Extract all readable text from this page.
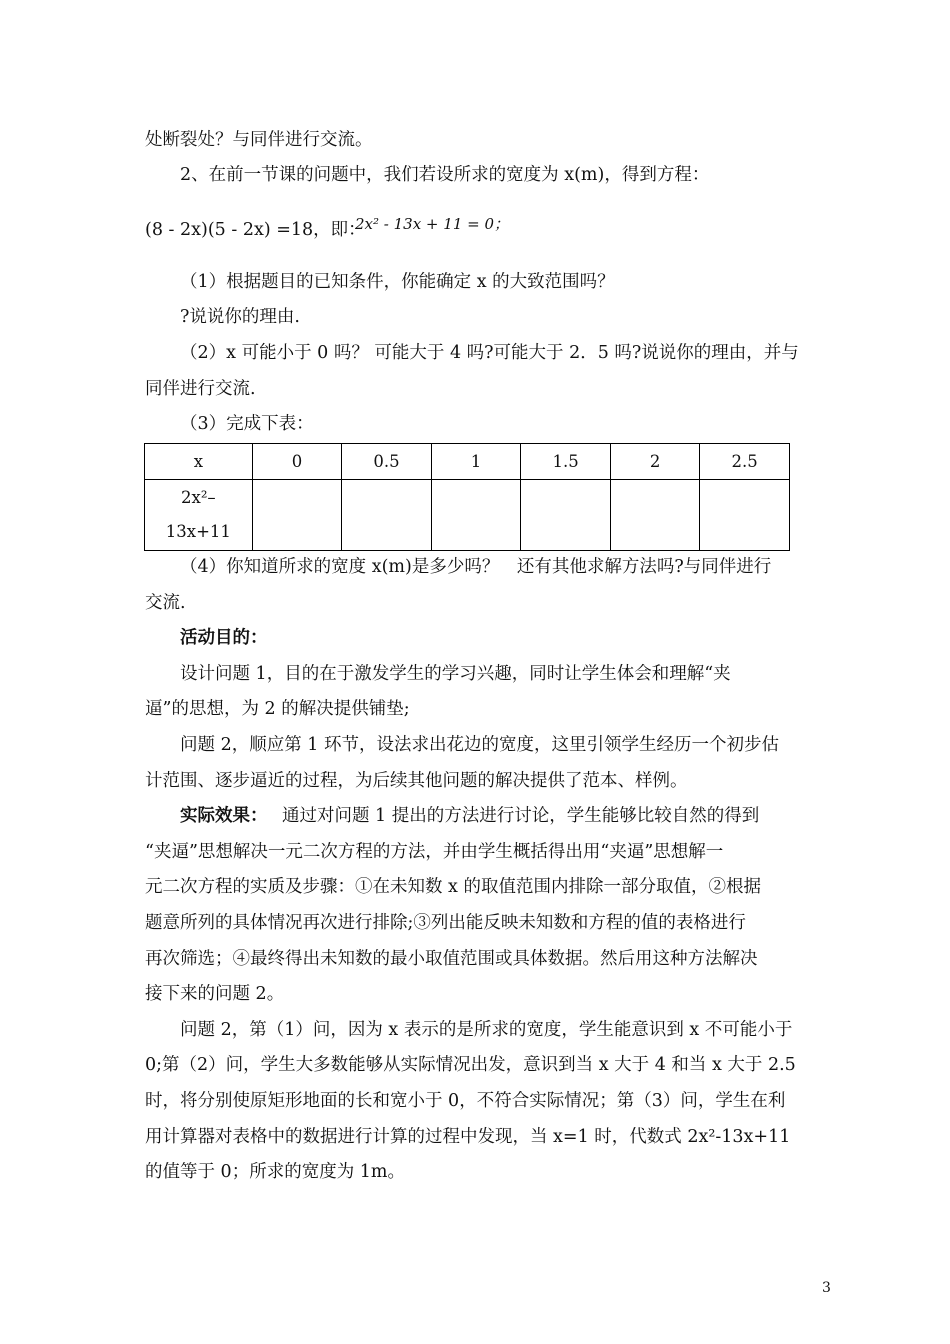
处断裂处？与同伴进行交流。
2、在前一节课的问题中，我们若设所求的宽度为 x(m)，得到方程：
(8 - 2x)(5 - 2x) =18，即：
2x² - 13x + 11 = 0；
（1）根据题目的已知条件，你能确定 x 的大致范围吗？
?说说你的理由.
（2）x 可能小于 0 吗？ 可能大于 4 吗?可能大于 2．5 吗?说说你的理由，并与
同伴进行交流.
（3）完成下表：
x	0	0.5	1	1.5	2	2.5

2x²–
13x+11						

（4）你知道所求的宽度 x(m)是多少吗？　还有其他求解方法吗?与同伴进行
交流.
活动目的：
设计问题 1，目的在于激发学生的学习兴趣，同时让学生体会和理解“夹
逼”的思想，为 2 的解决提供铺垫;
问题 2，顺应第 1 环节，设法求出花边的宽度，这里引领学生经历一个初步估
计范围、逐步逼近的过程，为后续其他问题的解决提供了范本、样例。
实际效果： 通过对问题 1 提出的方法进行讨论，学生能够比较自然的得到
“夹逼”思想解决一元二次方程的方法，并由学生概括得出用“夹逼”思想解一
元二次方程的实质及步骤：①在未知数 x 的取值范围内排除一部分取值，②根据
题意所列的具体情况再次进行排除;③列出能反映未知数和方程的值的表格进行
再次筛选；④最终得出未知数的最小取值范围或具体数据。然后用这种方法解决
接下来的问题 2。
问题 2，第（1）问，因为 x 表示的是所求的宽度，学生能意识到 x 不可能小于
0;第（2）问，学生大多数能够从实际情况出发，意识到当 x 大于 4 和当 x 大于 2.5
时，将分别使原矩形地面的长和宽小于 0，不符合实际情况；第（3）问，学生在利
用计算器对表格中的数据进行计算的过程中发现，当 x=1 时，代数式 2x²-13x+11
的值等于 0；所求的宽度为 1m。
3
